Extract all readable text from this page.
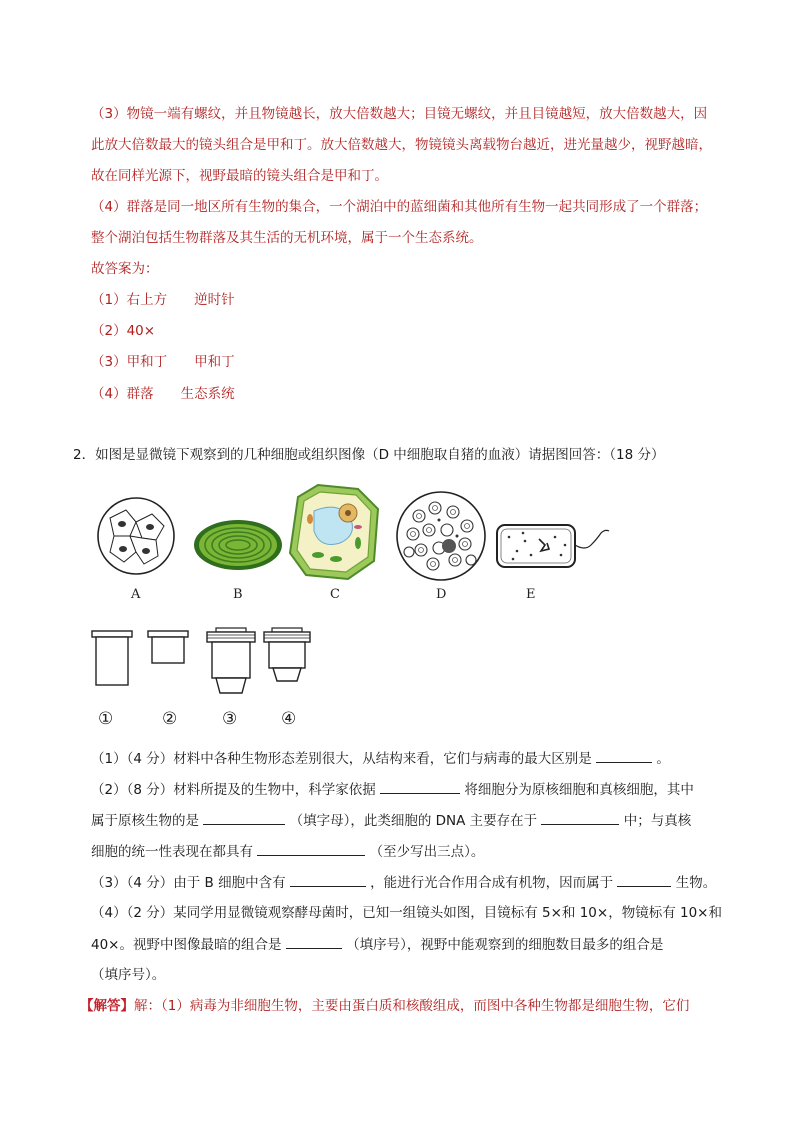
（3）物镜一端有螺纹，并且物镜越长，放大倍数越大；目镜无螺纹，并且目镜越短，放大倍数越大，因
此放大倍数最大的镜头组合是甲和丁。放大倍数越大，物镜镜头离载物台越近，进光量越少，视野越暗，
故在同样光源下，视野最暗的镜头组合是甲和丁。
（4）群落是同一地区所有生物的集合，一个湖泊中的蓝细菌和其他所有生物一起共同形成了一个群落；
整个湖泊包括生物群落及其生活的无机环境，属于一个生态系统。
故答案为：
（1）右上方　　逆时针
（2）40×
（3）甲和丁　　甲和丁
（4）群落　　生态系统
2．如图是显微镜下观察到的几种细胞或组织图像（D 中细胞取自猪的血液）请据图回答：（18 分）
A	B	C	D	E
①	②	③	④
（1）（4 分）材料中各种生物形态差别很大，从结构来看，它们与病毒的最大区别是	。
（2）（8 分）材料所提及的生物中，科学家依据	将细胞分为原核细胞和真核细胞，其中
属于原核生物的是	（填字母），此类细胞的 DNA 主要存在于	中；与真核
细胞的统一性表现在都具有	（至少写出三点）。
（3）（4 分）由于 B 细胞中含有	，能进行光合作用合成有机物，因而属于	生物。
（4）（2 分）某同学用显微镜观察酵母菌时，已知一组镜头如图，目镜标有 5×和 10×，物镜标有 10×和
40×。视野中图像最暗的组合是	（填序号），视野中能观察到的细胞数目最多的组合是
（填序号）。
【解答】解：（1）病毒为非细胞生物，主要由蛋白质和核酸组成，而图中各种生物都是细胞生物，它们
